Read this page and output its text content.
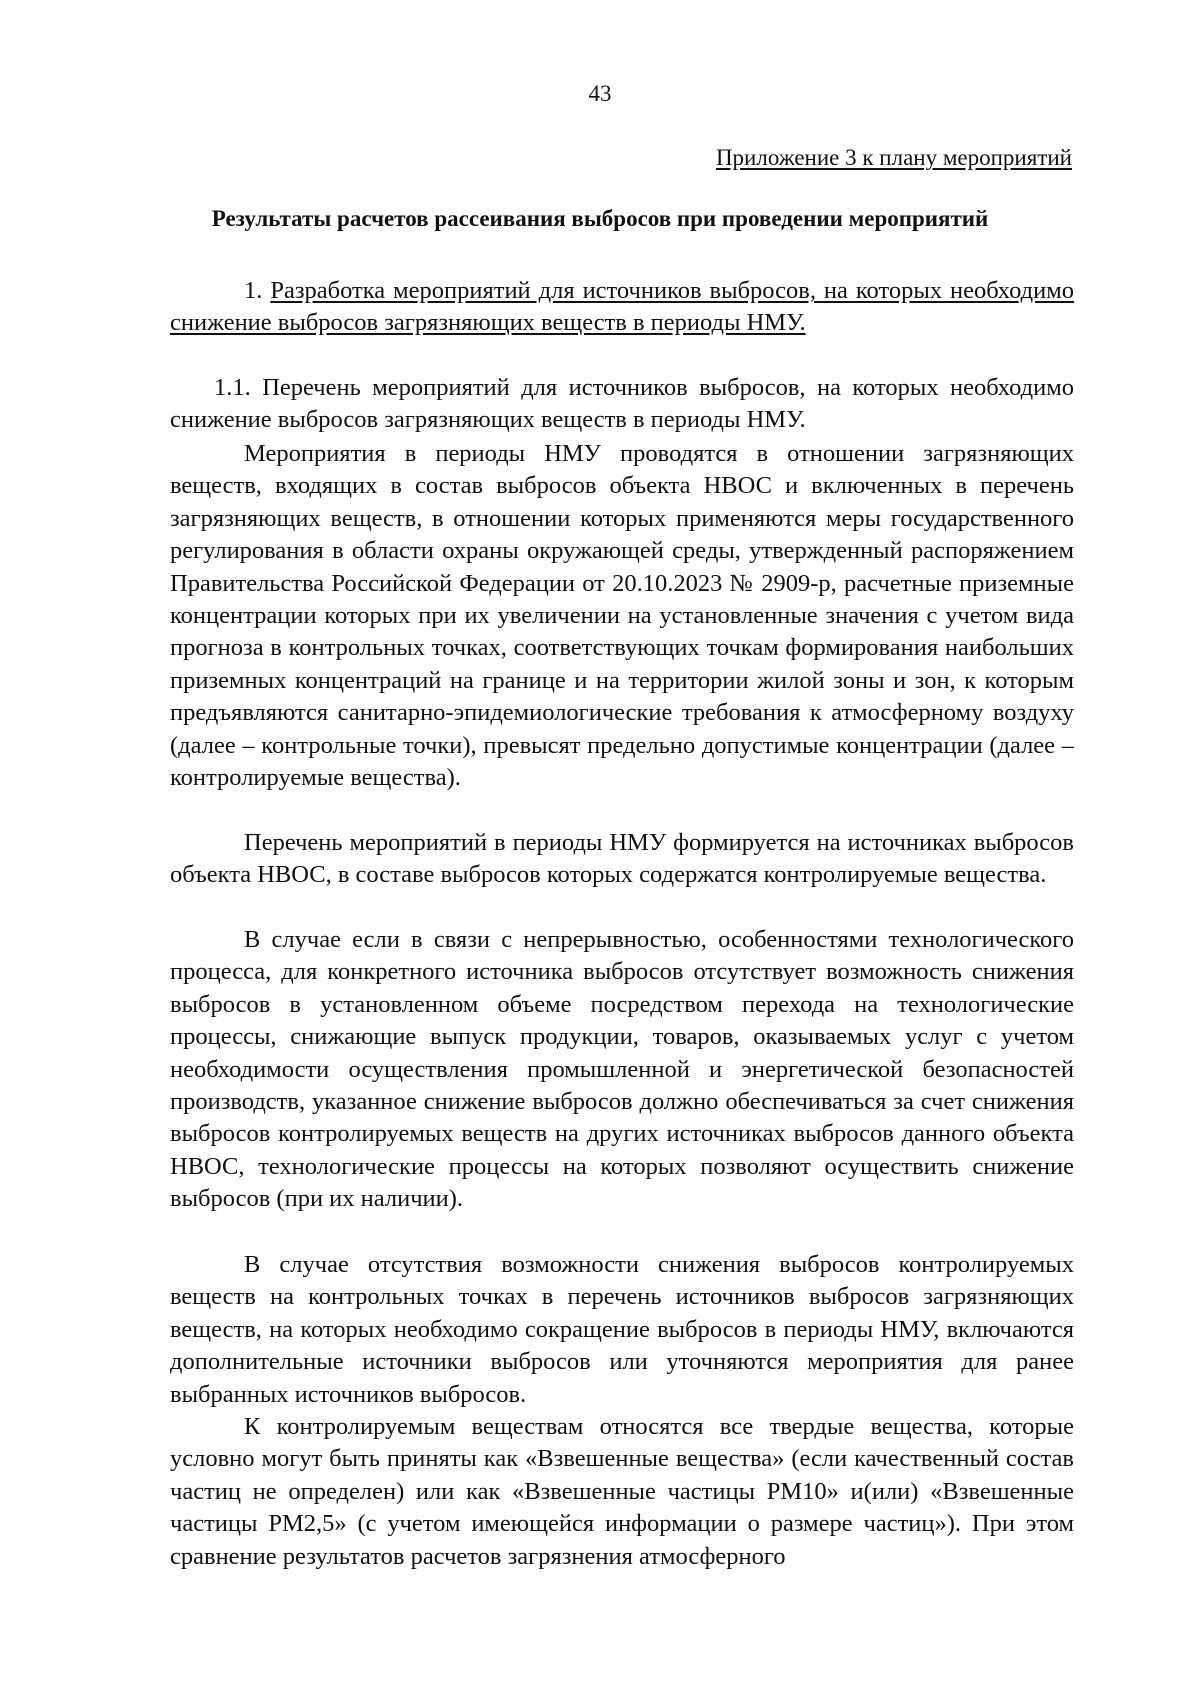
43
Приложение 3 к плану мероприятий
Результаты расчетов рассеивания выбросов при проведении мероприятий

1. Разработка мероприятий для источников выбросов, на которых необходимо снижение выбросов загрязняющих веществ в периоды НМУ.

1.1. Перечень мероприятий для источников выбросов, на которых необходимо снижение выбросов загрязняющих веществ в периоды НМУ.

Мероприятия в периоды НМУ проводятся в отношении загрязняющих веществ, входящих в состав выбросов объекта НВОС и включенных в перечень загрязняющих веществ, в отношении которых применяются меры государственного регулирования в области охраны окружающей среды, утвержденный распоряжением Правительства Российской Федерации от 20.10.2023 № 2909-р, расчетные приземные концентрации которых при их увеличении на установленные значения с учетом вида прогноза в контрольных точках, соответствующих точкам формирования наибольших приземных концентраций на границе и на территории жилой зоны и зон, к которым предъявляются санитарно-эпидемиологические требования к атмосферному воздуху (далее – контрольные точки), превысят предельно допустимые концентрации (далее – контролируемые вещества).

Перечень мероприятий в периоды НМУ формируется на источниках выбросов объекта НВОС, в составе выбросов которых содержатся контролируемые вещества.

В случае если в связи с непрерывностью, особенностями технологического процесса, для конкретного источника выбросов отсутствует возможность снижения выбросов в установленном объеме посредством перехода на технологические процессы, снижающие выпуск продукции, товаров, оказываемых услуг с учетом необходимости осуществления промышленной и энергетической безопасностей производств, указанное снижение выбросов должно обеспечиваться за счет снижения выбросов контролируемых веществ на других источниках выбросов данного объекта НВОС, технологические процессы на которых позволяют осуществить снижение выбросов (при их наличии).

В случае отсутствия возможности снижения выбросов контролируемых веществ на контрольных точках в перечень источников выбросов загрязняющих веществ, на которых необходимо сокращение выбросов в периоды НМУ, включаются дополнительные источники выбросов или уточняются мероприятия для ранее выбранных источников выбросов.

К контролируемым веществам относятся все твердые вещества, которые условно могут быть приняты как «Взвешенные вещества» (если качественный состав частиц не определен) или как «Взвешенные частицы РМ10» и(или) «Взвешенные частицы РМ2,5» (с учетом имеющейся информации о размере частиц»). При этом сравнение результатов расчетов загрязнения атмосферного
